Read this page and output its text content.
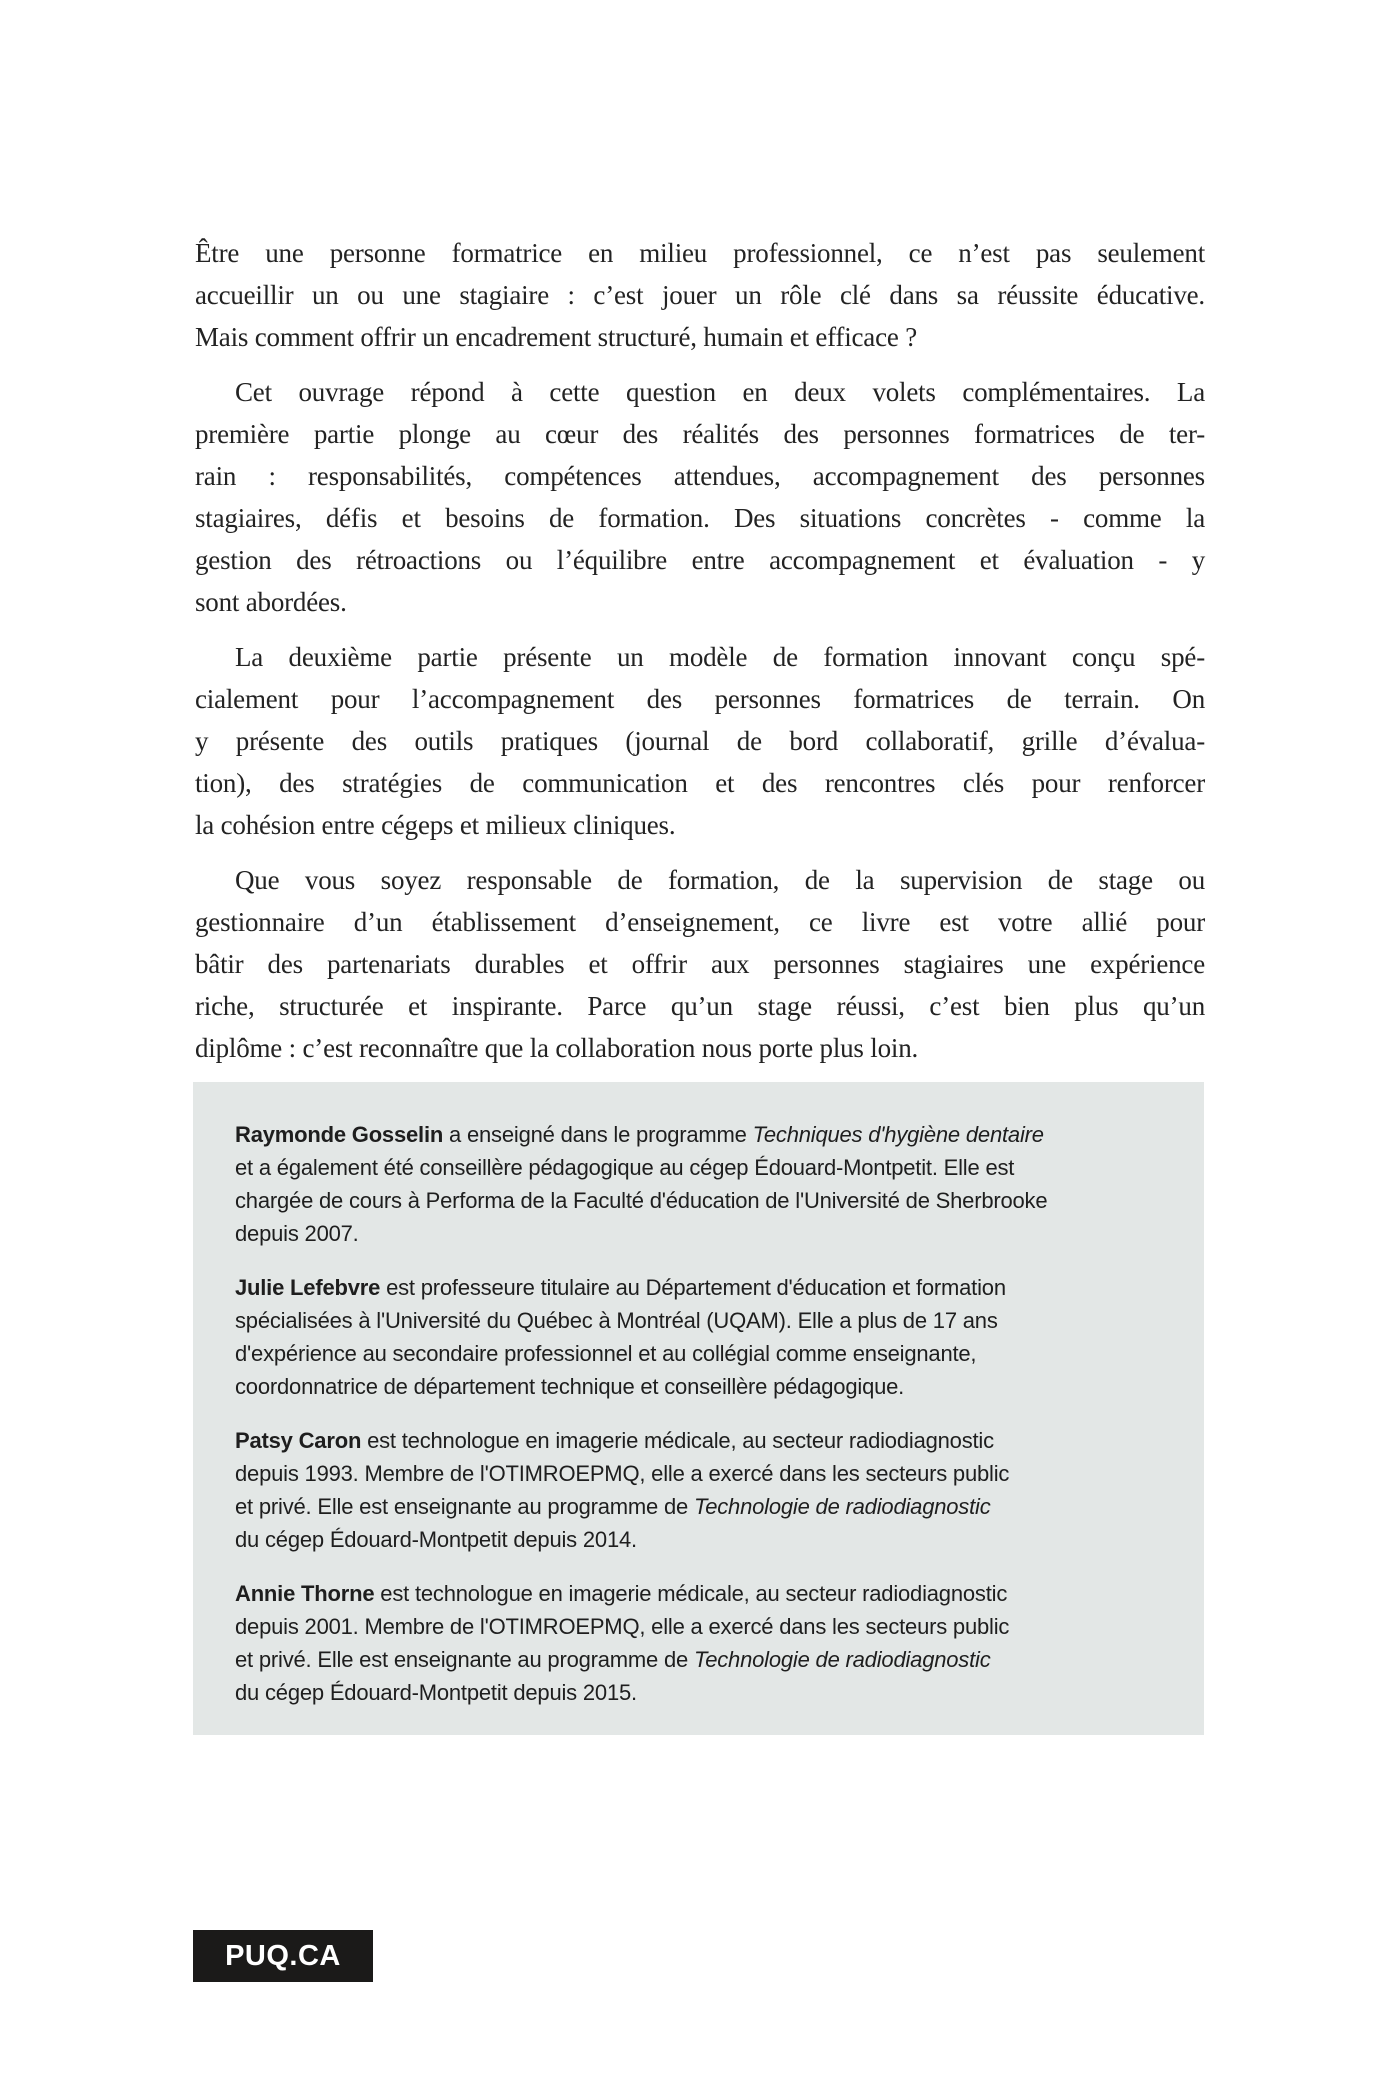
Être une personne formatrice en milieu professionnel, ce n’est pas seulement
accueillir un ou une stagiaire : c’est jouer un rôle clé dans sa réussite éducative.
Mais comment offrir un encadrement structuré, humain et efficace ?
Cet ouvrage répond à cette question en deux volets complémentaires. La
première partie plonge au cœur des réalités des personnes formatrices de ter-
rain : responsabilités, compétences attendues, accompagnement des personnes
stagiaires, défis et besoins de formation. Des situations concrètes - comme la
gestion des rétroactions ou l’équilibre entre accompagnement et évaluation - y
sont abordées.
La deuxième partie présente un modèle de formation innovant conçu spé-
cialement pour l’accompagnement des personnes formatrices de terrain. On
y présente des outils pratiques (journal de bord collaboratif, grille d’évalua-
tion), des stratégies de communication et des rencontres clés pour renforcer
la cohésion entre cégeps et milieux cliniques.
Que vous soyez responsable de formation, de la supervision de stage ou
gestionnaire d’un établissement d’enseignement, ce livre est votre allié pour
bâtir des partenariats durables et offrir aux personnes stagiaires une expérience
riche, structurée et inspirante. Parce qu’un stage réussi, c’est bien plus qu’un
diplôme : c’est reconnaître que la collaboration nous porte plus loin.
Raymonde Gosselin a enseigné dans le programme Techniques d'hygiène dentaire
et a également été conseillère pédagogique au cégep Édouard-Montpetit. Elle est
chargée de cours à Performa de la Faculté d'éducation de l'Université de Sherbrooke
depuis 2007.
Julie Lefebvre est professeure titulaire au Département d'éducation et formation
spécialisées à l'Université du Québec à Montréal (UQAM). Elle a plus de 17 ans
d'expérience au secondaire professionnel et au collégial comme enseignante,
coordonnatrice de département technique et conseillère pédagogique.
Patsy Caron est technologue en imagerie médicale, au secteur radiodiagnostic
depuis 1993. Membre de l'OTIMROEPMQ, elle a exercé dans les secteurs public
et privé. Elle est enseignante au programme de Technologie de radiodiagnostic
du cégep Édouard-Montpetit depuis 2014.
Annie Thorne est technologue en imagerie médicale, au secteur radiodiagnostic
depuis 2001. Membre de l'OTIMROEPMQ, elle a exercé dans les secteurs public
et privé. Elle est enseignante au programme de Technologie de radiodiagnostic
du cégep Édouard-Montpetit depuis 2015.
PUQ.CA
